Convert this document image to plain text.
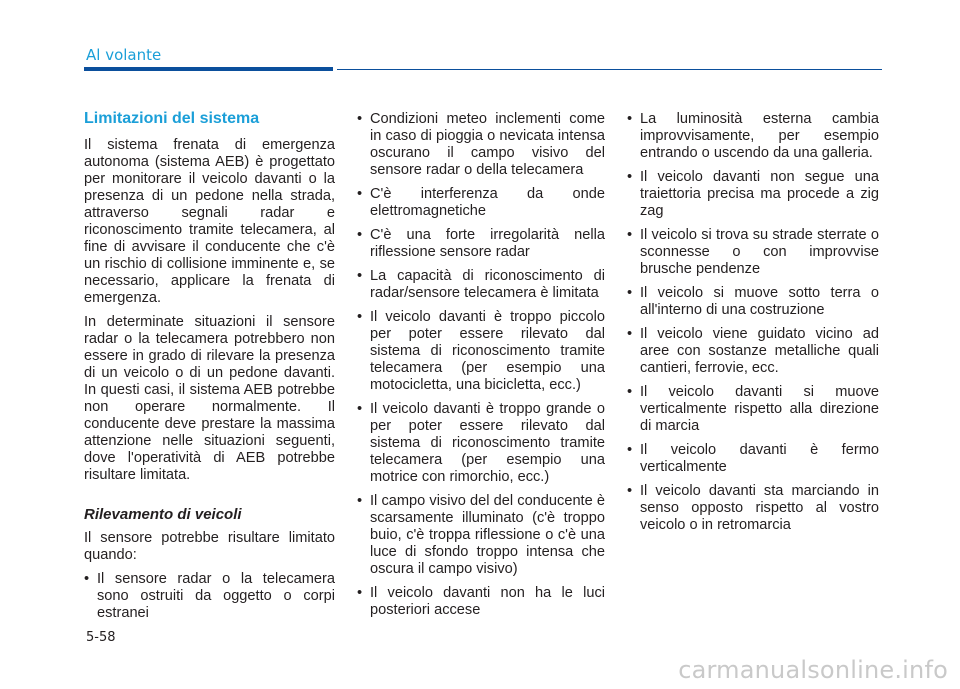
Al volante
Limitazioni del sistema

Il sistema frenata di emergenza autonoma (sistema AEB) è progettato per monitorare il veicolo davanti o la presenza di un pedone nella strada, attraverso segnali radar e riconoscimento tramite telecamera, al fine di avvisare il conducente che c'è un rischio di collisione imminente e, se necessario, applicare la frenata di emergenza.

In determinate situazioni il sensore radar o la telecamera potrebbero non essere in grado di rilevare la presenza di un veicolo o di un pedone davanti. In questi casi, il sistema AEB potrebbe non operare normalmente. Il conducente deve prestare la massima attenzione nelle situazioni seguenti, dove l'operatività di AEB potrebbe risultare limitata.

Rilevamento di veicoli

Il sensore potrebbe risultare limitato quando:

• Il sensore radar o la telecamera sono ostruiti da oggetto o corpi estranei
• Condizioni meteo inclementi come in caso di pioggia o nevicata intensa oscurano il campo visivo del sensore radar o della telecamera
• C'è interferenza da onde elettromagnetiche
• C'è una forte irregolarità nella riflessione sensore radar
• La capacità di riconoscimento di radar/sensore telecamera è limitata
• Il veicolo davanti è troppo piccolo per poter essere rilevato dal sistema di riconoscimento tramite telecamera (per esempio una motocicletta, una bicicletta, ecc.)
• Il veicolo davanti è troppo grande o per poter essere rilevato dal sistema di riconoscimento tramite telecamera (per esempio una motrice con rimorchio, ecc.)
• Il campo visivo del del conducente è scarsamente illuminato (c'è troppo buio, c'è troppa riflessione o c'è una luce di sfondo troppo intensa che oscura il campo visivo)
• Il veicolo davanti non ha le luci posteriori accese
• La luminosità esterna cambia improvvisamente, per esempio entrando o uscendo da una galleria.
• Il veicolo davanti non segue una traiettoria precisa ma procede a zig zag
• Il veicolo si trova su strade sterrate o sconnesse o con improvvise brusche pendenze
• Il veicolo si muove sotto terra o all'interno di una costruzione
• Il veicolo viene guidato vicino ad aree con sostanze metalliche quali cantieri, ferrovie, ecc.
• Il veicolo davanti si muove verticalmente rispetto alla direzione di marcia
• Il veicolo davanti è fermo verticalmente
• Il veicolo davanti sta marciando in senso opposto rispetto al vostro veicolo o in retromarcia
5-58
carmanualsonline.info
